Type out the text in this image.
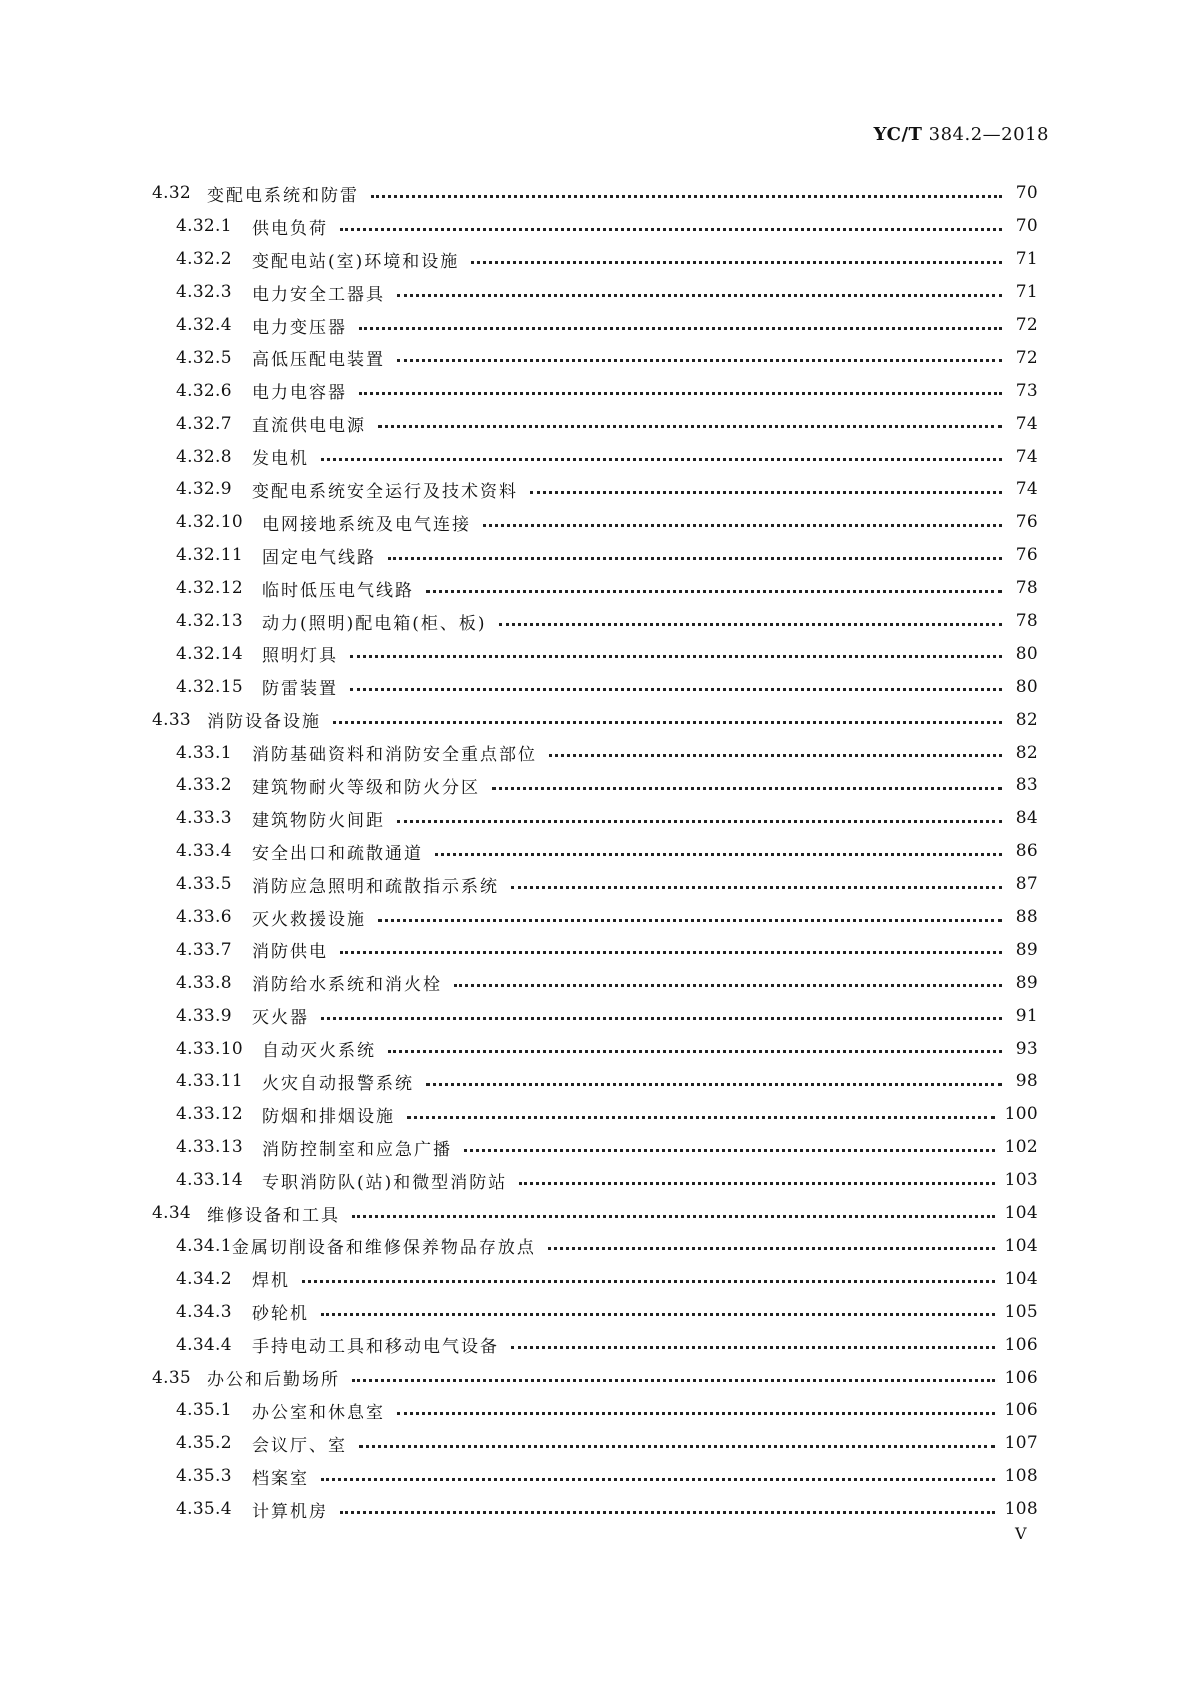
YC/T 384.2—2018
4.32 变配电系统和防雷	70
4.32.1	供电负荷	70
4.32.2	变配电站(室)环境和设施	71
4.32.3	电力安全工器具	71
4.32.4	电力变压器	72
4.32.5	高低压配电装置	72
4.32.6	电力电容器	73
4.32.7	直流供电电源	74
4.32.8	发电机	74
4.32.9	变配电系统安全运行及技术资料	74
4.32.10	电网接地系统及电气连接	76
4.32.11	固定电气线路	76
4.32.12	临时低压电气线路	78
4.32.13	动力(照明)配电箱(柜、板)	78
4.32.14	照明灯具	80
4.32.15	防雷装置	80
4.33 消防设备设施	82
4.33.1	消防基础资料和消防安全重点部位	82
4.33.2	建筑物耐火等级和防火分区	83
4.33.3	建筑物防火间距	84
4.33.4	安全出口和疏散通道	86
4.33.5	消防应急照明和疏散指示系统	87
4.33.6	灭火救援设施	88
4.33.7	消防供电	89
4.33.8	消防给水系统和消火栓	89
4.33.9	灭火器	91
4.33.10	自动灭火系统	93
4.33.11	火灾自动报警系统	98
4.33.12	防烟和排烟设施	100
4.33.13	消防控制室和应急广播	102
4.33.14	专职消防队(站)和微型消防站	103
4.34 维修设备和工具	104
4.34.1 金属切削设备和维修保养物品存放点	104
4.34.2	焊机	104
4.34.3	砂轮机	105
4.34.4	手持电动工具和移动电气设备	106
4.35 办公和后勤场所	106
4.35.1	办公室和休息室	106
4.35.2	会议厅、室	107
4.35.3	档案室	108
4.35.4	计算机房	108
V
